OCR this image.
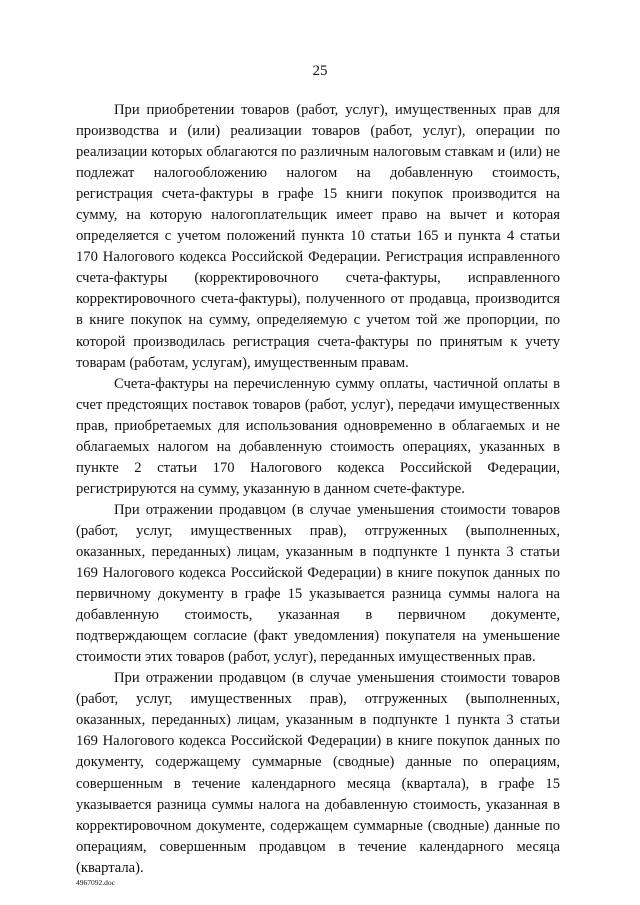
25

При приобретении товаров (работ, услуг), имущественных прав для производства и (или) реализации товаров (работ, услуг), операции по реализации которых облагаются по различным налоговым ставкам и (или) не подлежат налогообложению налогом на добавленную стоимость, регистрация счета-фактуры в графе 15 книги покупок производится на сумму, на которую налогоплательщик имеет право на вычет и которая определяется с учетом положений пункта 10 статьи 165 и пункта 4 статьи 170 Налогового кодекса Российской Федерации. Регистрация исправленного счета-фактуры (корректировочного счета-фактуры, исправленного корректировочного счета-фактуры), полученного от продавца, производится в книге покупок на сумму, определяемую с учетом той же пропорции, по которой производилась регистрация счета-фактуры по принятым к учету товарам (работам, услугам), имущественным правам.

Счета-фактуры на перечисленную сумму оплаты, частичной оплаты в счет предстоящих поставок товаров (работ, услуг), передачи имущественных прав, приобретаемых для использования одновременно в облагаемых и не облагаемых налогом на добавленную стоимость операциях, указанных в пункте 2 статьи 170 Налогового кодекса Российской Федерации, регистрируются на сумму, указанную в данном счете-фактуре.

При отражении продавцом (в случае уменьшения стоимости товаров (работ, услуг, имущественных прав), отгруженных (выполненных, оказанных, переданных) лицам, указанным в подпункте 1 пункта 3 статьи 169 Налогового кодекса Российской Федерации) в книге покупок данных по первичному документу в графе 15 указывается разница суммы налога на добавленную стоимость, указанная в первичном документе, подтверждающем согласие (факт уведомления) покупателя на уменьшение стоимости этих товаров (работ, услуг), переданных имущественных прав.

При отражении продавцом (в случае уменьшения стоимости товаров (работ, услуг, имущественных прав), отгруженных (выполненных, оказанных, переданных) лицам, указанным в подпункте 1 пункта 3 статьи 169 Налогового кодекса Российской Федерации) в книге покупок данных по документу, содержащему суммарные (сводные) данные по операциям, совершенным в течение календарного месяца (квартала), в графе 15 указывается разница суммы налога на добавленную стоимость, указанная в корректировочном документе, содержащем суммарные (сводные) данные по операциям, совершенным продавцом в течение календарного месяца (квартала).

4967092.doc
